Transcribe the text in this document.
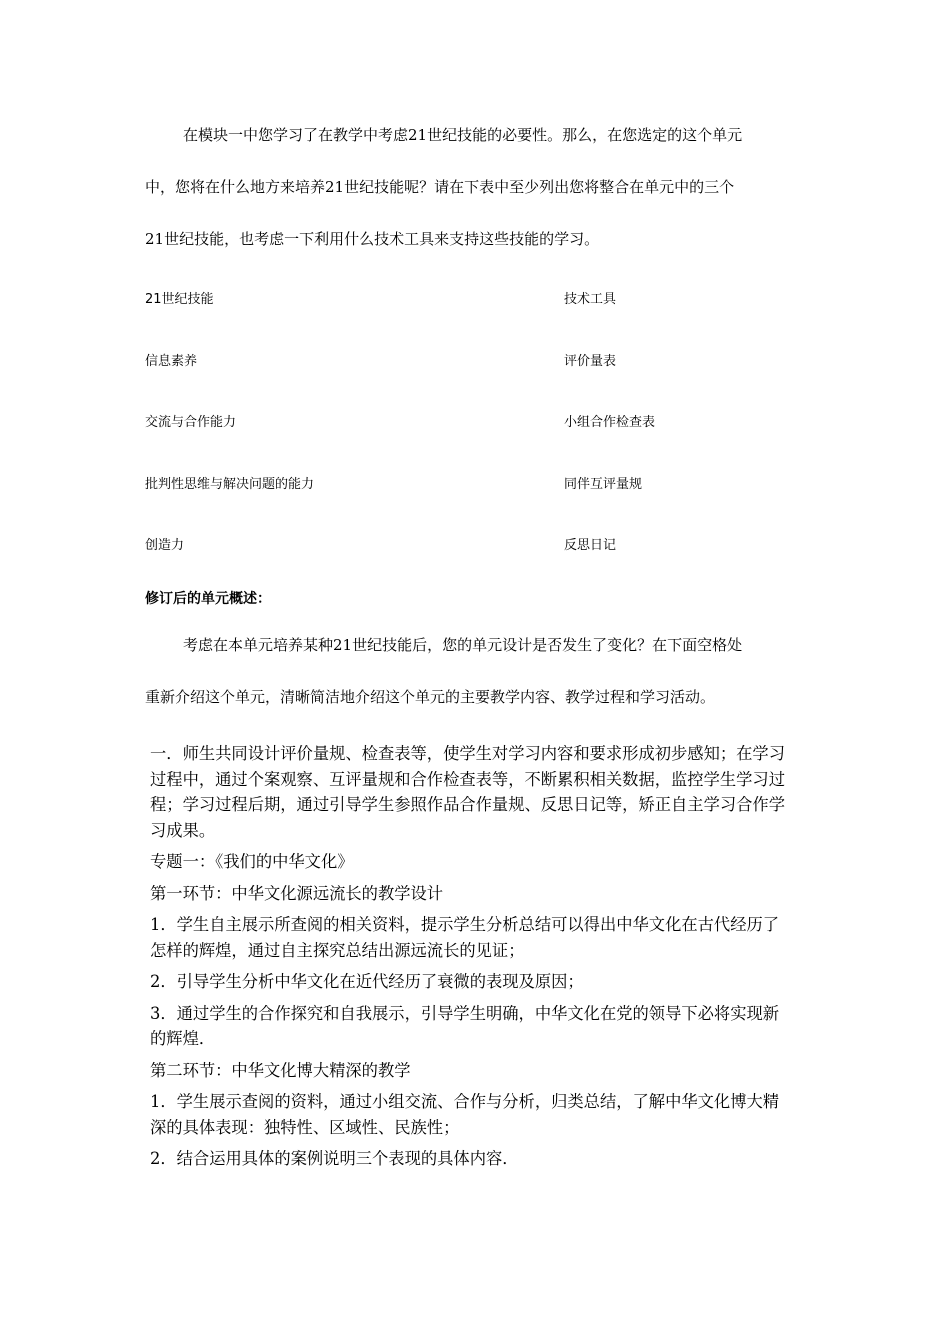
在模块一中您学习了在教学中考虑21世纪技能的必要性。那么，在您选定的这个单元

中，您将在什么地方来培养21世纪技能呢？请在下表中至少列出您将整合在单元中的三个

21世纪技能，也考虑一下利用什么技术工具来支持这些技能的学习。

21世纪技能	技术工具
信息素养	评价量表
交流与合作能力	小组合作检查表
批判性思维与解决问题的能力	同伴互评量规
创造力	反思日记
修订后的单元概述：

考虑在本单元培养某种21世纪技能后，您的单元设计是否发生了变化？在下面空格处

重新介绍这个单元，清晰简洁地介绍这个单元的主要教学内容、教学过程和学习活动。

一．师生共同设计评价量规、检查表等，使学生对学习内容和要求形成初步感知；在学习过程中，通过个案观察、互评量规和合作检查表等，不断累积相关数据，监控学生学习过程；学习过程后期，通过引导学生参照作品合作量规、反思日记等，矫正自主学习合作学习成果。

专题一：《我们的中华文化》

第一环节：中华文化源远流长的教学设计

1．学生自主展示所查阅的相关资料，提示学生分析总结可以得出中华文化在古代经历了怎样的辉煌，通过自主探究总结出源远流长的见证；

2．引导学生分析中华文化在近代经历了衰微的表现及原因；

3．通过学生的合作探究和自我展示，引导学生明确，中华文化在党的领导下必将实现新的辉煌．

第二环节：中华文化博大精深的教学

1．学生展示查阅的资料，通过小组交流、合作与分析，归类总结，了解中华文化博大精深的具体表现：独特性、区域性、民族性；

2．结合运用具体的案例说明三个表现的具体内容．
